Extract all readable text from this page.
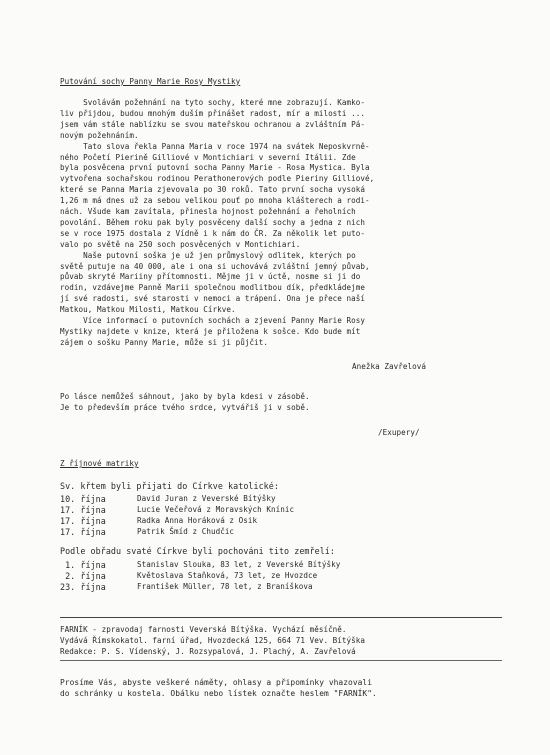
Putování sochy Panny Marie Rosy Mystiky
Svolávám požehnání na tyto sochy, které mne zobrazují. Kamko-
liv přijdou, budou mnohým duším přinášet radost, mír a milosti ...
jsem vám stále nablízku se svou mateřskou ochranou a zvláštním Pá-
novým požehnáním.
Tato slova řekla Panna Maria v roce 1974 na svátek Neposkvrně-
ného Početí Pierině Gilliové v Montichiari v severní Itálii. Zde
byla posvěcena první putovní socha Panny Marie - Rosa Mystica. Byla
vytvořena sochařskou rodinou Perathonerových podle Pieriny Gilliové,
které se Panna Maria zjevovala po 30 roků. Tato první socha vysoká
1,26 m má dnes už za sebou velikou pouť po mnoha klášterech a rodi-
nách. Všude kam zavítala, přinesla hojnost požehnání a řeholních
povolání. Během roku pak byly posvěceny další sochy a jedna z nich
se v roce 1975 dostala z Vídně i k nám do ČR. Za několik let puto-
valo po světě na 250 soch posvěcených v Montichiari.
Naše putovní soška je už jen průmyslový odlitek, kterých po
světě putuje na 40 000, ale i ona si uchovává zvláštní jemný půvab,
půvab skryté Mariiny přítomnosti. Mějme ji v úctě, nosme si ji do
rodin, vzdávejme Panně Marii společnou modlitbou dík, předkládejme
jí své radosti, své starosti v nemoci a trápení. Ona je přece naší
Matkou, Matkou Milosti, Matkou Církve.
Více informací o putovních sochách a zjevení Panny Marie Rosy
Mystiky najdete v knize, která je přiložena k sošce. Kdo bude mít
zájem o sošku Panny Marie, může si ji půjčit.
Anežka Zavřelová
Po lásce nemůžeš sáhnout, jako by byla kdesi v zásobě.
Je to především práce tvého srdce, vytvářiš ji v sobě.
/Exupery/
Z říjnové matriky
Sv. křtem byli přijati do Církve katolické:
10. října	David Juran z Veverské Bítýšky
17. října	Lucie Večeřová z Moravských Knínic
17. října	Radka Anna Horáková z Osik
17. října	Patrik Šmíd z Chudčic
Podle obřadu svaté Církve byli pochováni tito zemřelí:
1. října	Stanislav Slouka, 83 let, z Veverské Bítýšky
2. října	Květoslava Staňková, 73 let, ze Hvozdce
23. října	František Müller, 78 let, z Braníškova
FARNÍK - zpravodaj farnosti Veverská Bítýška. Vychází měsíčně.
Vydává Římskokatol. farní úřad, Hvozdecká 125, 664 71 Vev. Bítýška
Redakce: P. S. Vídenský, J. Rozsypalová, J. Plachý, A. Zavřelová
Prosíme Vás, abyste veškeré náměty, ohlasy a připomínky vhazovali
do schránky u kostela. Obálku nebo lístek označte heslem "FARNÍK".
